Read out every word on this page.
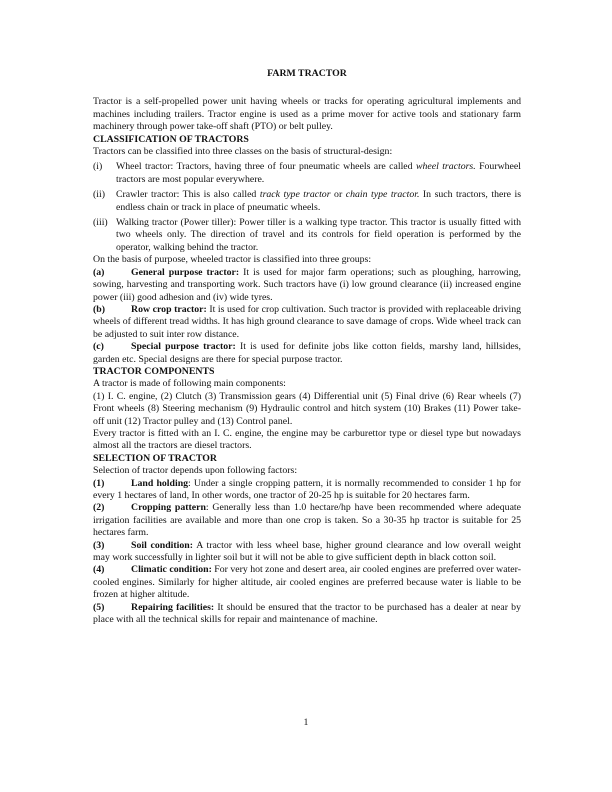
FARM TRACTOR

Tractor is a self-propelled power unit having wheels or tracks for operating agricultural implements and machines including trailers. Tractor engine is used as a prime mover for active tools and stationary farm machinery through power take-off shaft (PTO) or belt pulley.

CLASSIFICATION OF TRACTORS

Tractors can be classified into three classes on the basis of structural-design:

(i)	Wheel tractor: Tractors, having three of four pneumatic wheels are called wheel tractors. Fourwheel tractors are most popular everywhere.
(ii)	Crawler tractor: This is also called track type tractor or chain type tractor. In such tractors, there is endless chain or track in place of pneumatic wheels.
(iii) Walking tractor (Power tiller): Power tiller is a walking type tractor. This tractor is usually fitted with two wheels only. The direction of travel and its controls for field operation is performed by the operator, walking behind the tractor.

On the basis of purpose, wheeled tractor is classified into three groups:

(a)	General purpose tractor: It is used for major farm operations; such as ploughing, harrowing, sowing, harvesting and transporting work. Such tractors have (i) low ground clearance (ii) increased engine power (iii) good adhesion and (iv) wide tyres.

(b)	Row crop tractor: It is used for crop cultivation. Such tractor is provided with replaceable driving wheels of different tread widths. It has high ground clearance to save damage of crops. Wide wheel track can be adjusted to suit inter row distance.

(c)	Special purpose tractor: It is used for definite jobs like cotton fields, marshy land, hillsides, garden etc. Special designs are there for special purpose tractor.

TRACTOR COMPONENTS

A tractor is made of following main components:

(1) I. C. engine, (2) Clutch (3) Transmission gears (4) Differential unit (5) Final drive (6) Rear wheels (7) Front wheels (8) Steering mechanism (9) Hydraulic control and hitch system (10) Brakes (11) Power take-off unit (12) Tractor pulley and (13) Control panel.

Every tractor is fitted with an I. C. engine, the engine may be carburettor type or diesel type but nowadays almost all the tractors are diesel tractors.

SELECTION OF TRACTOR

Selection of tractor depends upon following factors:

(1)	Land holding: Under a single cropping pattern, it is normally recommended to consider 1 hp for every 1 hectares of land, In other words, one tractor of 20-25 hp is suitable for 20 hectares farm.

(2)	Cropping pattern: Generally less than 1.0 hectare/hp have been recommended where adequate irrigation facilities are available and more than one crop is taken. So a 30-35 hp tractor is suitable for 25 hectares farm.

(3)	Soil condition: A tractor with less wheel base, higher ground clearance and low overall weight may work successfully in lighter soil but it will not be able to give sufficient depth in black cotton soil.

(4)	Climatic condition: For very hot zone and desert area, air cooled engines are preferred over water-cooled engines. Similarly for higher altitude, air cooled engines are preferred because water is liable to be frozen at higher altitude.

(5)	Repairing facilities: It should be ensured that the tractor to be purchased has a dealer at near by place with all the technical skills for repair and maintenance of machine.

1
